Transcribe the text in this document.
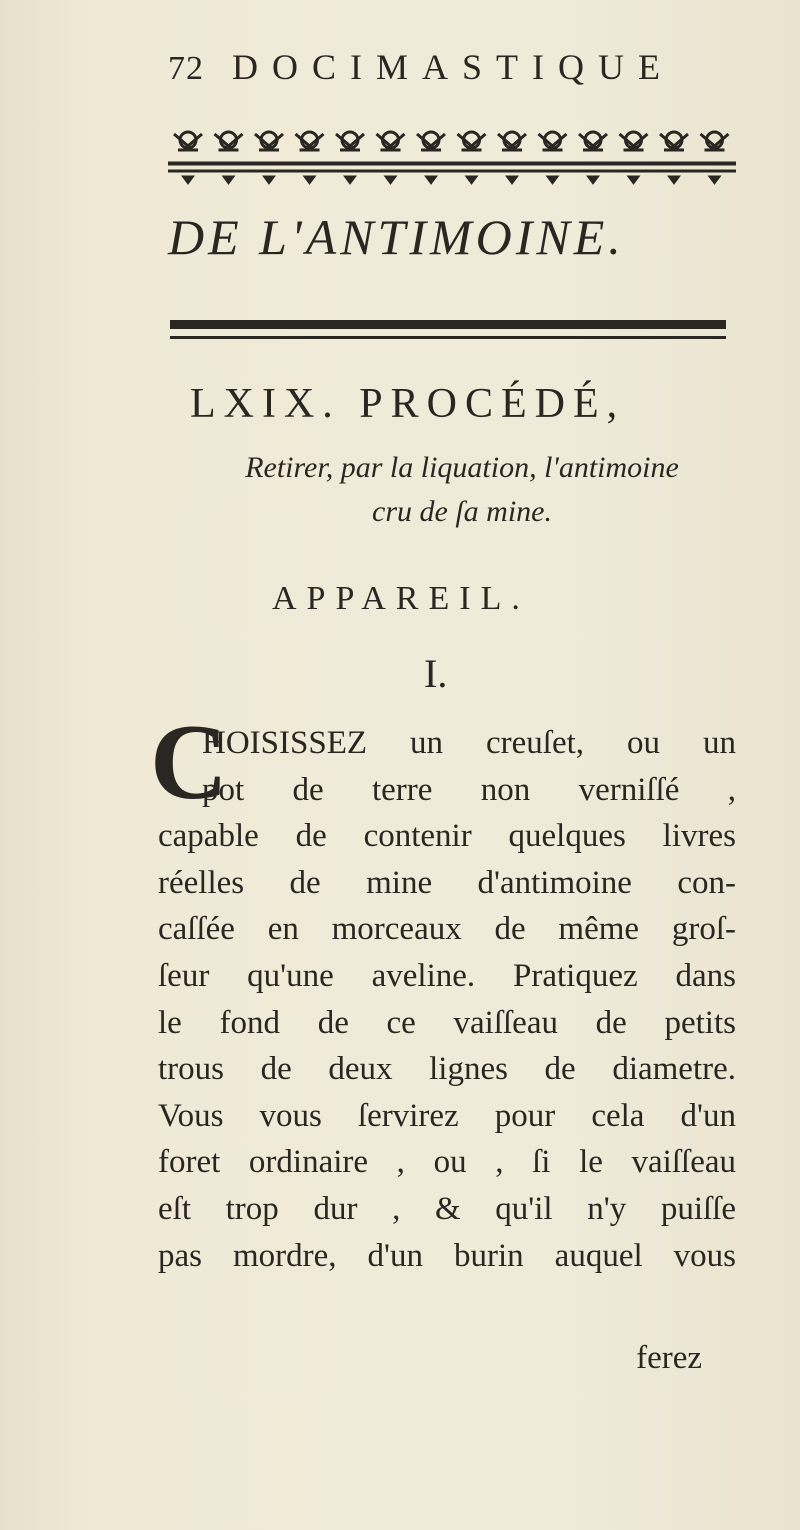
72 DOCIMASTIQUE
DE L'ANTIMOINE.
LXIX. PROCÉDÉ,
Retirer, par la liquation, l'antimoine
cru de ſa mine.
APPAREIL.
I.
C

HOISISSEZ un creuſet, ou un

pot de terre non verniſſé ,

capable de contenir quelques livres

réelles de mine d'antimoine con-

caſſée en morceaux de même groſ-

ſeur qu'une aveline. Pratiquez dans

le fond de ce vaiſſeau de petits

trous de deux lignes de diametre.

Vous vous ſervirez pour cela d'un

foret ordinaire , ou , ſi le vaiſſeau

eſt trop dur , & qu'il n'y puiſſe

pas mordre, d'un burin auquel vous

ferez
